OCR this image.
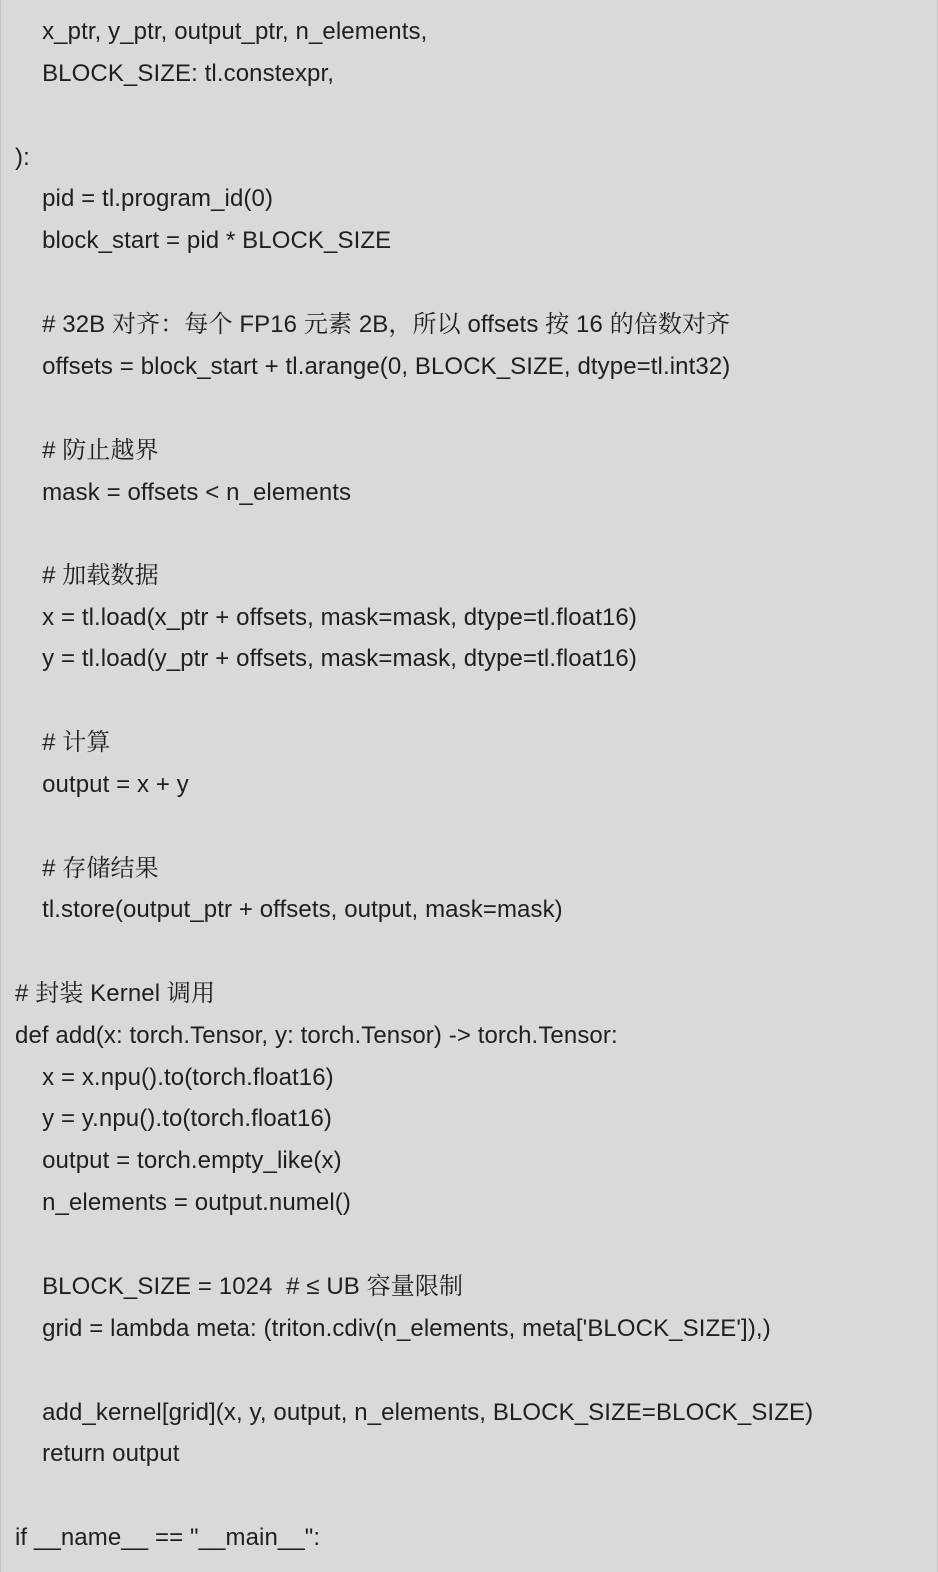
x_ptr, y_ptr, output_ptr, n_elements,
BLOCK_SIZE: tl.constexpr,
):
pid = tl.program_id(0)
block_start = pid * BLOCK_SIZE
# 32B 对齐：每个 FP16 元素 2B，所以 offsets 按 16 的倍数对齐
offsets = block_start + tl.arange(0, BLOCK_SIZE, dtype=tl.int32)
# 防止越界
mask = offsets < n_elements
# 加载数据
x = tl.load(x_ptr + offsets, mask=mask, dtype=tl.float16)
y = tl.load(y_ptr + offsets, mask=mask, dtype=tl.float16)
# 计算
output = x + y
# 存储结果
tl.store(output_ptr + offsets, output, mask=mask)
# 封装 Kernel 调用
def add(x: torch.Tensor, y: torch.Tensor) -> torch.Tensor:
x = x.npu().to(torch.float16)
y = y.npu().to(torch.float16)
output = torch.empty_like(x)
n_elements = output.numel()
BLOCK_SIZE = 1024  # ≤ UB 容量限制
grid = lambda meta: (triton.cdiv(n_elements, meta['BLOCK_SIZE']),)
add_kernel[grid](x, y, output, n_elements, BLOCK_SIZE=BLOCK_SIZE)
return output
if __name__ == "__main__":
